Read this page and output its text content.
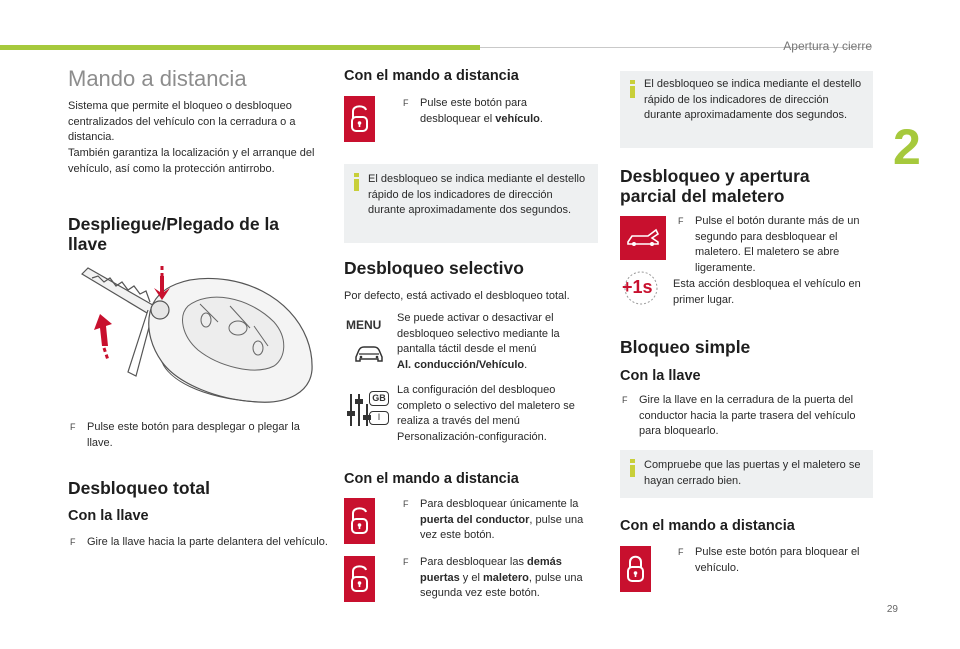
Apertura y cierre
2
29
Mando a distancia
Sistema que permite el bloqueo o desbloqueo centralizados del vehículo con la cerradura o a distancia.
También garantiza la localización y el arranque del vehículo, así como la protección antirrobo.
Despliegue/Plegado de la llave
F Pulse este botón para desplegar o plegar la llave.
Desbloqueo total
Con la llave
F Gire la llave hacia la parte delantera del vehículo.
Con el mando a distancia
F Pulse este botón para desbloquear el vehículo.
El desbloqueo se indica mediante el destello rápido de los indicadores de dirección durante aproximadamente dos segundos.
Desbloqueo selectivo
Por defecto, está activado el desbloqueo total.
MENU Se puede activar o desactivar el desbloqueo selectivo mediante la pantalla táctil desde el menú
Al. conducción/Vehículo.
GB
I
La configuración del desbloqueo completo o selectivo del maletero se realiza a través del menú Personalización-configuración.
Con el mando a distancia
F Para desbloquear únicamente la puerta del conductor, pulse una vez este botón.
F Para desbloquear las demás puertas y el maletero, pulse una segunda vez este botón.
El desbloqueo se indica mediante el destello rápido de los indicadores de dirección durante aproximadamente dos segundos.
Desbloqueo y apertura parcial del maletero
F Pulse el botón durante más de un segundo para desbloquear el maletero. El maletero se abre ligeramente.
+1s Esta acción desbloquea el vehículo en primer lugar.
Bloqueo simple
Con la llave
F Gire la llave en la cerradura de la puerta del conductor hacia la parte trasera del vehículo para bloquearlo.
Compruebe que las puertas y el maletero se hayan cerrado bien.
Con el mando a distancia
F Pulse este botón para bloquear el vehículo.
